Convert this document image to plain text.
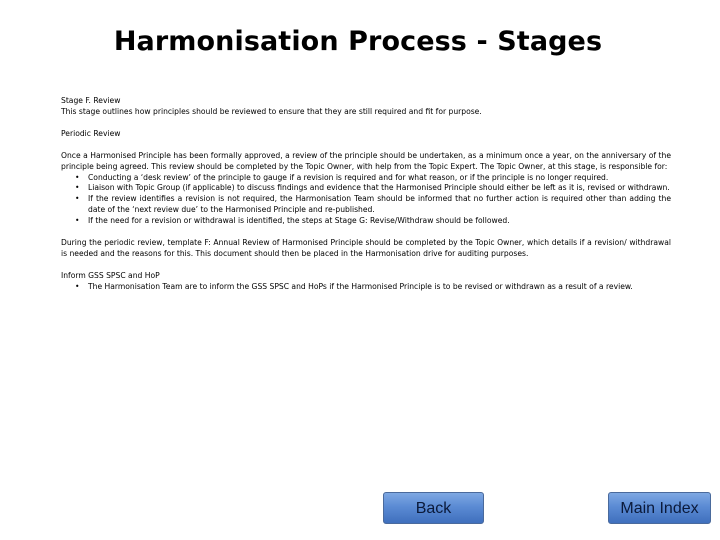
Harmonisation Process - Stages

Stage F. Review

This stage outlines how principles should be reviewed to ensure that they are still required and fit for purpose.

Periodic Review

Once a Harmonised Principle has been formally approved, a review of the principle should be undertaken, as a minimum once a year, on the anniversary of the principle being agreed. This review should be completed by the Topic Owner, with help from the Topic Expert. The Topic Owner, at this stage, is responsible for:

• Conducting a ‘desk review’ of the principle to gauge if a revision is required and for what reason, or if the principle is no longer required.
• Liaison with Topic Group (if applicable) to discuss findings and evidence that the Harmonised Principle should either be left as it is, revised or withdrawn.
• If the review identifies a revision is not required, the Harmonisation Team should be informed that no further action is required other than adding the date of the ‘next review due’ to the Harmonised Principle and re-published.
• If the need for a revision or withdrawal is identified, the steps at Stage G: Revise/Withdraw should be followed.

During the periodic review, template F: Annual Review of Harmonised Principle should be completed by the Topic Owner, which details if a revision/ withdrawal is needed and the reasons for this. This document should then be placed in the Harmonisation drive for auditing purposes.

Inform GSS SPSC and HoP

• The Harmonisation Team are to inform the GSS SPSC and HoPs if the Harmonised Principle is to be revised or withdrawn as a result of a review.
Back	Main Index
